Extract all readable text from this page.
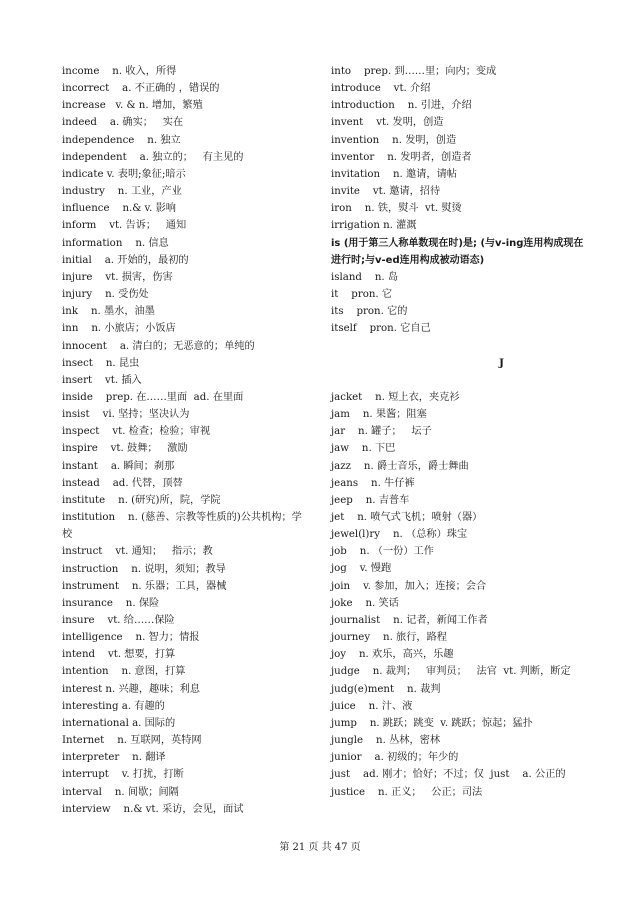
income    n. 收入，所得
incorrect    a. 不正确的 ，错误的
increase   v. & n. 增加，繁殖
indeed    a. 确实；   实在
independence    n. 独立
independent    a. 独立的；   有主见的
indicate v. 表明;象征;暗示
industry    n. 工业，产业
influence    n.& v. 影响
inform    vt. 告诉；   通知
information    n. 信息
initial    a. 开始的，最初的
injure    vt. 损害，伤害
injury    n. 受伤处
ink    n. 墨水，油墨
inn    n. 小旅店；小饭店
innocent    a. 清白的；无恶意的；单纯的
insect    n. 昆虫
insert    vt. 插入
inside    prep. 在……里面  ad. 在里面
insist    vi. 坚持；坚决认为
inspect    vt. 检查；检验；审视
inspire    vt. 鼓舞；   激励
instant    a. 瞬间；刹那
instead    ad. 代替，顶替
institute    n. (研究)所，院，学院
institution    n. (慈善、宗教等性质的)公共机构；学校
instruct    vt. 通知；   指示；教
instruction    n. 说明，须知；教导
instrument    n. 乐器；工具，器械
insurance    n. 保险
insure    vt. 给……保险
intelligence    n. 智力；情报
intend    vt. 想要，打算
intention    n. 意图，打算
interest n. 兴趣，趣味；利息
interesting a. 有趣的
international a. 国际的
Internet    n. 互联网，英特网
interpreter    n. 翻译
interrupt    v. 打扰，打断
interval    n. 间歇；间隔
interview    n.& vt. 采访，会见，面试
into    prep. 到……里；向内；变成
introduce    vt. 介绍
introduction    n. 引进，介绍
invent    vt. 发明，创造
invention    n. 发明，创造
inventor    n. 发明者，创造者
invitation    n. 邀请，请帖
invite    vt. 邀请，招待
iron    n. 铁，熨斗  vt. 熨烫
irrigation n. 灌溉
is (用于第三人称单数现在时)是; (与v-ing连用构成现在进行时;与v-ed连用构成被动语态)
island    n. 岛
it    pron. 它
its    pron. 它的
itself    pron. 它自己
J
jacket    n. 短上衣，夹克衫
jam    n. 果酱；阻塞
jar    n. 罐子；   坛子
jaw    n. 下巴
jazz    n. 爵士音乐，爵士舞曲
jeans    n. 牛仔裤
jeep    n. 吉普车
jet    n. 喷气式飞机；喷射（器）
jewel(l)ry    n. （总称）珠宝
job    n. （一份）工作
jog    v. 慢跑
join    v. 参加，加入；连接；会合
joke    n. 笑话
journalist    n. 记者，新闻工作者
journey    n. 旅行，路程
joy    n. 欢乐，高兴，乐趣
judge    n. 裁判；   审判员；   法官  vt. 判断，断定
judg(e)ment    n. 裁判
juice    n. 汁、液
jump    n. 跳跃；跳变  v. 跳跃；惊起；猛扑
jungle    n. 丛林，密林
junior    a. 初级的；年少的
just    ad. 刚才；恰好；不过；仅  just    a. 公正的
justice    n. 正义；   公正；司法
第 21 页 共 47 页
